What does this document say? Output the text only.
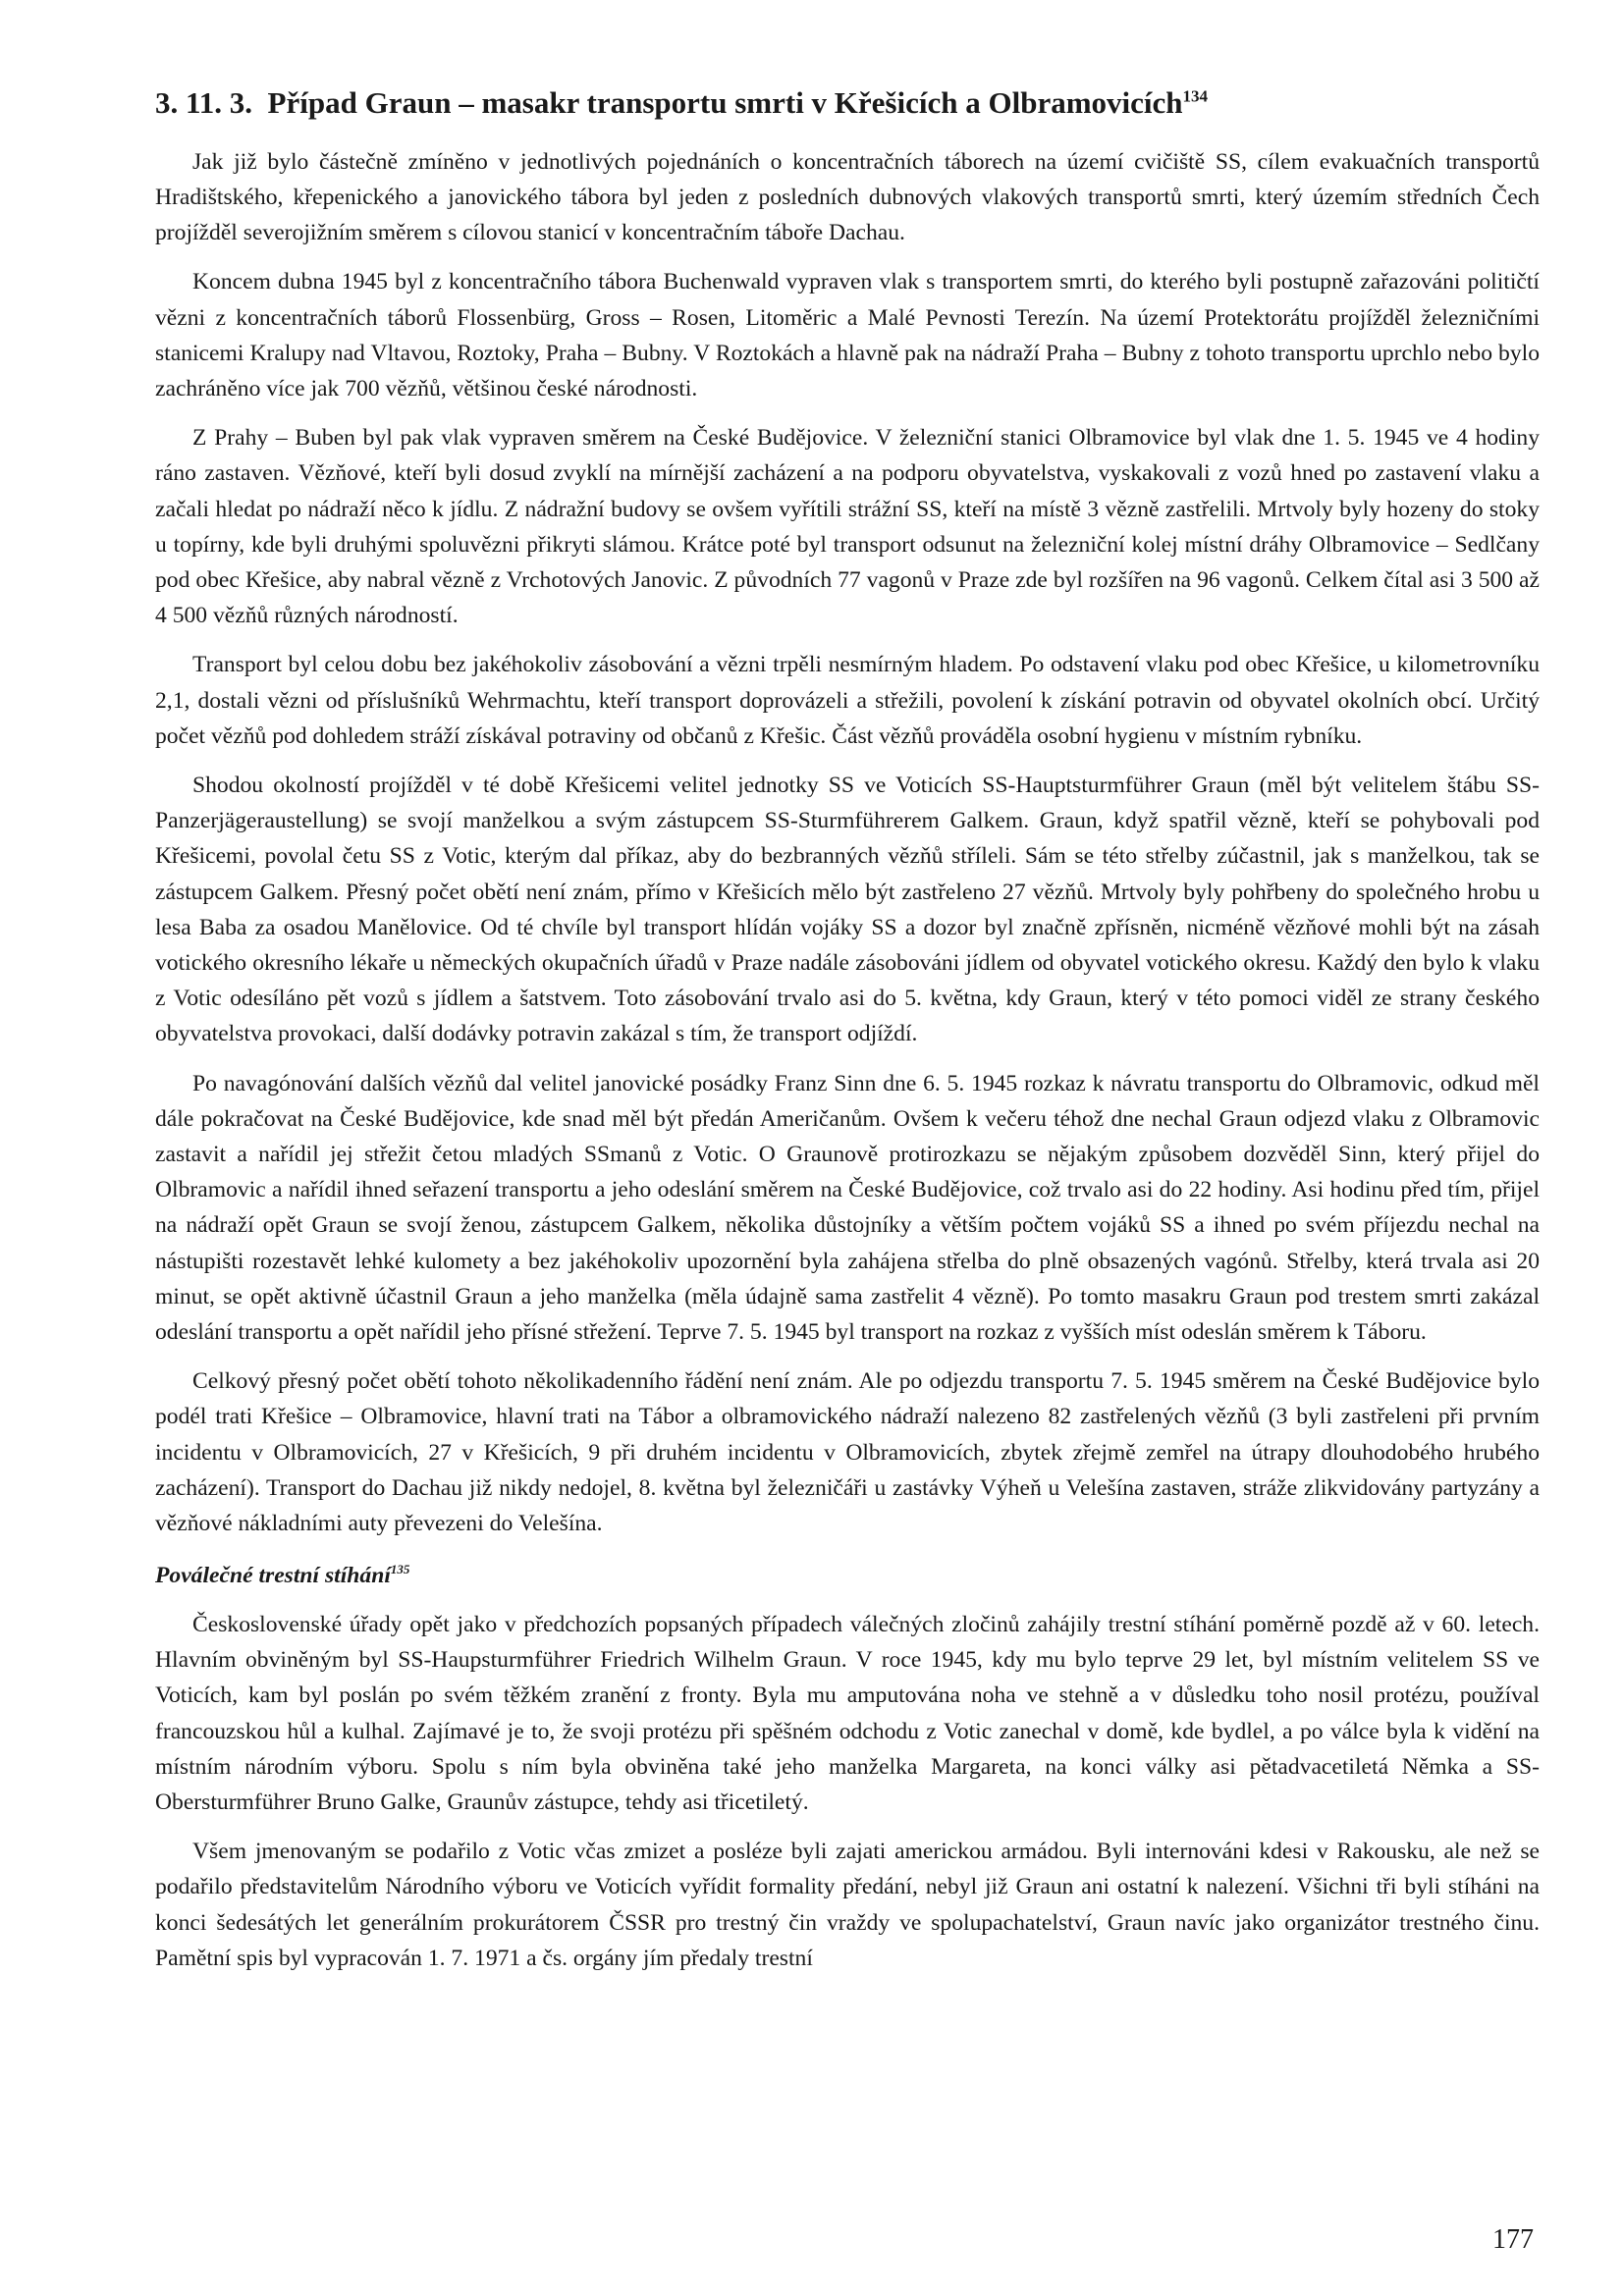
3. 11. 3. Případ Graun – masakr transportu smrti v Křešicích a Olbramovicích$^{134}$

Jak již bylo částečně zmíněno v jednotlivých pojednáních o koncentračních táborech na území cvičiště SS, cílem evakuačních transportů Hradištského, křepenického a janovického tábora byl jeden z posledních dubnových vlakových transportů smrti, který územím středních Čech projížděl severojižním směrem s cílovou stanicí v koncentračním táboře Dachau.

Koncem dubna 1945 byl z koncentračního tábora Buchenwald vypraven vlak s transportem smrti, do kterého byli postupně zařazováni političtí vězni z koncentračních táborů Flossenbürg, Gross – Rosen, Litoměric a Malé Pevnosti Terezín. Na území Protektorátu projížděl železničními stanicemi Kralupy nad Vltavou, Roztoky, Praha – Bubny. V Roztokách a hlavně pak na nádraží Praha – Bubny z tohoto transportu uprchlo nebo bylo zachráněno více jak 700 vězňů, většinou české národnosti.

Z Prahy – Buben byl pak vlak vypraven směrem na České Budějovice. V železniční stanici Olbramovice byl vlak dne 1. 5. 1945 ve 4 hodiny ráno zastaven. Vězňové, kteří byli dosud zvyklí na mírnější zacházení a na podporu obyvatelstva, vyskakovali z vozů hned po zastavení vlaku a začali hledat po nádraží něco k jídlu. Z nádražní budovy se ovšem vyřítili strážní SS, kteří na místě 3 vězně zastřelili. Mrtvoly byly hozeny do stoky u topírny, kde byli druhými spoluvězni přikryti slámou. Krátce poté byl transport odsunut na železniční kolej místní dráhy Olbramovice – Sedlčany pod obec Křešice, aby nabral vězně z Vrchotových Janovic. Z původních 77 vagonů v Praze zde byl rozšířen na 96 vagonů. Celkem čítal asi 3 500 až 4 500 vězňů různých národností.

Transport byl celou dobu bez jakéhokoliv zásobování a vězni trpěli nesmírným hladem. Po odstavení vlaku pod obec Křešice, u kilometrovníku 2,1, dostali vězni od příslušníků Wehrmachtu, kteří transport doprovázeli a střežili, povolení k získání potravin od obyvatel okolních obcí. Určitý počet vězňů pod dohledem stráží získával potraviny od občanů z Křešic. Část vězňů prováděla osobní hygienu v místním rybníku.

Shodou okolností projížděl v té době Křešicemi velitel jednotky SS ve Voticích SS-Hauptsturmführer Graun (měl být velitelem štábu SS-Panzerjägeraustellung) se svojí manželkou a svým zástupcem SS-Sturmführerem Galkem. Graun, když spatřil vězně, kteří se pohybovali pod Křešicemi, povolal četu SS z Votic, kterým dal příkaz, aby do bezbranných vězňů stříleli. Sám se této střelby zúčastnil, jak s manželkou, tak se zástupcem Galkem. Přesný počet obětí není znám, přímo v Křešicích mělo být zastřeleno 27 vězňů. Mrtvoly byly pohřbeny do společného hrobu u lesa Baba za osadou Manělovice. Od té chvíle byl transport hlídán vojáky SS a dozor byl značně zpřísněn, nicméně vězňové mohli být na zásah votického okresního lékaře u německých okupačních úřadů v Praze nadále zásobováni jídlem od obyvatel votického okresu. Každý den bylo k vlaku z Votic odesíláno pět vozů s jídlem a šatstvem. Toto zásobování trvalo asi do 5. května, kdy Graun, který v této pomoci viděl ze strany českého obyvatelstva provokaci, další dodávky potravin zakázal s tím, že transport odjíždí.

Po navagónování dalších vězňů dal velitel janovické posádky Franz Sinn dne 6. 5. 1945 rozkaz k návratu transportu do Olbramovic, odkud měl dále pokračovat na České Budějovice, kde snad měl být předán Američanům. Ovšem k večeru téhož dne nechal Graun odjezd vlaku z Olbramovic zastavit a nařídil jej střežit četou mladých SSmanů z Votic. O Graunově protirozkazu se nějakým způsobem dozvěděl Sinn, který přijel do Olbramovic a nařídil ihned seřazení transportu a jeho odeslání směrem na České Budějovice, což trvalo asi do 22 hodiny. Asi hodinu před tím, přijel na nádraží opět Graun se svojí ženou, zástupcem Galkem, několika důstojníky a větším počtem vojáků SS a ihned po svém příjezdu nechal na nástupišti rozestavět lehké kulomety a bez jakéhokoliv upozornění byla zahájena střelba do plně obsazených vagónů. Střelby, která trvala asi 20 minut, se opět aktivně účastnil Graun a jeho manželka (měla údajně sama zastřelit 4 vězně). Po tomto masakru Graun pod trestem smrti zakázal odeslání transportu a opět nařídil jeho přísné střežení. Teprve 7. 5. 1945 byl transport na rozkaz z vyšších míst odeslán směrem k Táboru.

Celkový přesný počet obětí tohoto několikadenního řádění není znám. Ale po odjezdu transportu 7. 5. 1945 směrem na České Budějovice bylo podél trati Křešice – Olbramovice, hlavní trati na Tábor a olbramovického nádraží nalezeno 82 zastřelených vězňů (3 byli zastřeleni při prvním incidentu v Olbramovicích, 27 v Křešicích, 9 při druhém incidentu v Olbramovicích, zbytek zřejmě zemřel na útrapy dlouhodobého hrubého zacházení). Transport do Dachau již nikdy nedojel, 8. května byl železničáři u zastávky Výheň u Velešína zastaven, stráže zlikvidovány partyzány a vězňové nákladními auty převezeni do Velešína.

Poválečné trestní stíhání$^{135}$

Československé úřady opět jako v předchozích popsaných případech válečných zločinů zahájily trestní stíhání poměrně pozdě až v 60. letech. Hlavním obviněným byl SS-Haupsturmführer Friedrich Wilhelm Graun. V roce 1945, kdy mu bylo teprve 29 let, byl místním velitelem SS ve Voticích, kam byl poslán po svém těžkém zranění z fronty. Byla mu amputována noha ve stehně a v důsledku toho nosil protézu, používal francouzskou hůl a kulhal. Zajímavé je to, že svoji protézu při spěšném odchodu z Votic zanechal v domě, kde bydlel, a po válce byla k vidění na místním národním výboru. Spolu s ním byla obviněna také jeho manželka Margareta, na konci války asi pětadvacetiletá Němka a SS-Obersturmführer Bruno Galke, Graunův zástupce, tehdy asi třicetiletý.

Všem jmenovaným se podařilo z Votic včas zmizet a posléze byli zajati americkou armádou. Byli internováni kdesi v Rakousku, ale než se podařilo představitelům Národního výboru ve Voticích vyřídit formality předání, nebyl již Graun ani ostatní k nalezení. Všichni tři byli stíháni na konci šedesátých let generálním prokurátorem ČSSR pro trestný čin vraždy ve spolupachatelství, Graun navíc jako organizátor trestného činu. Pamětní spis byl vypracován 1. 7. 1971 a čs. orgány jím předaly trestní

177
